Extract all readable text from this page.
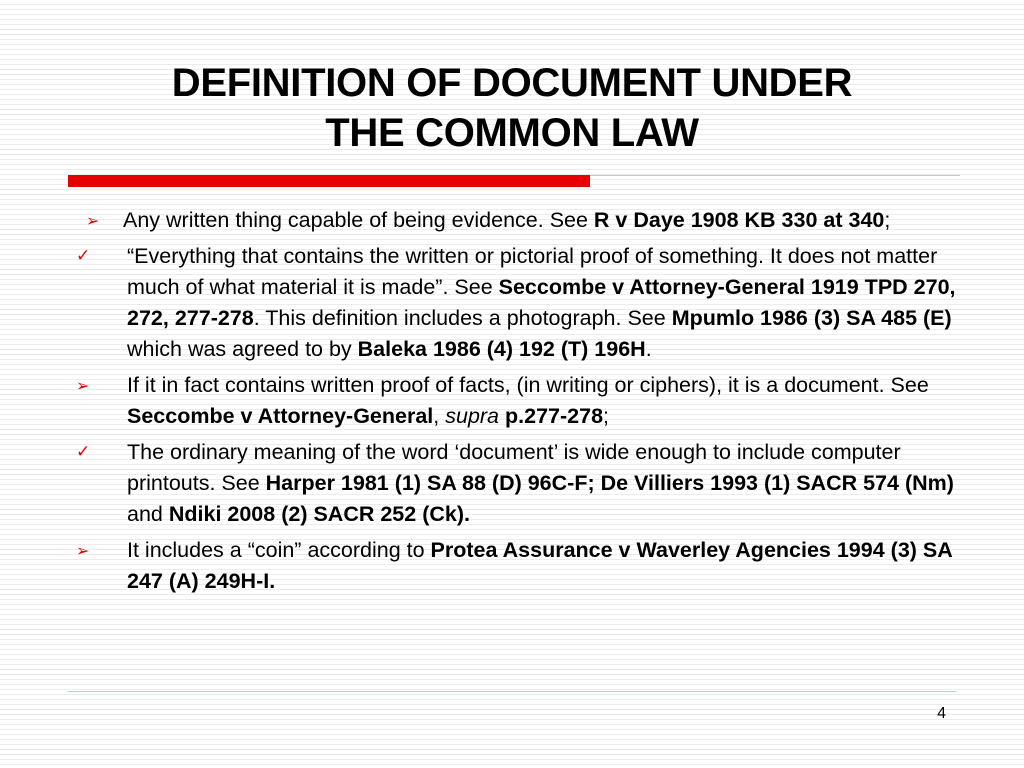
DEFINITION OF DOCUMENT UNDER
THE COMMON LAW
➢ Any written thing capable of being evidence. See R v Daye 1908 KB 330 at 340;
✓ “Everything that contains the written or pictorial proof of something. It does not matter much of what material it is made”. See Seccombe v Attorney-General 1919 TPD 270, 272, 277-278. This definition includes a photograph. See Mpumlo 1986 (3) SA 485 (E) which was agreed to by Baleka 1986 (4) 192 (T) 196H.
➢ If it in fact contains written proof of facts, (in writing or ciphers), it is a document. See Seccombe v Attorney-General, supra p.277-278;
✓ The ordinary meaning of the word ‘document’ is wide enough to include computer printouts. See Harper 1981 (1) SA 88 (D) 96C-F; De Villiers 1993 (1) SACR 574 (Nm) and Ndiki 2008 (2) SACR 252 (Ck).
➢ It includes a “coin” according to Protea Assurance v Waverley Agencies 1994 (3) SA 247 (A) 249H-I.
4
